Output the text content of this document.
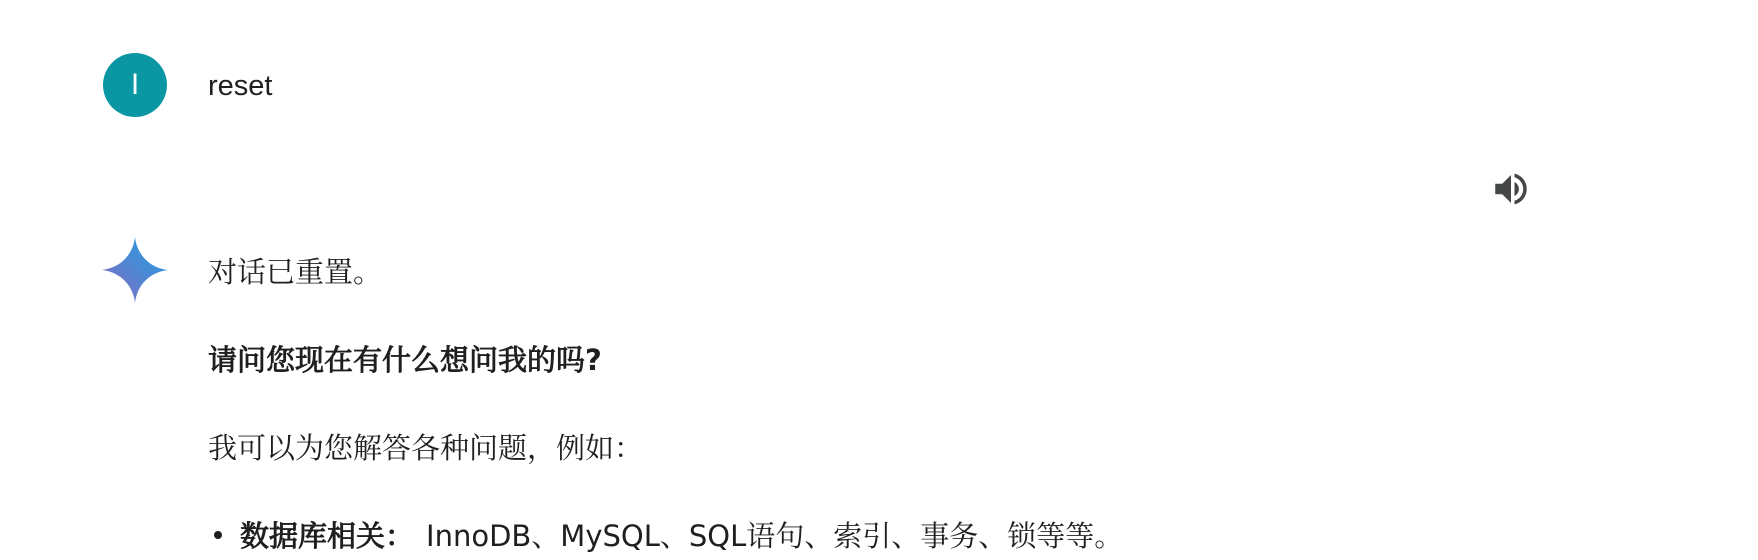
I reset

对话已重置。

请问您现在有什么想问我的吗?

我可以为您解答各种问题，例如：

数据库相关： InnoDB、MySQL、SQL语句、索引、事务、锁等等。
